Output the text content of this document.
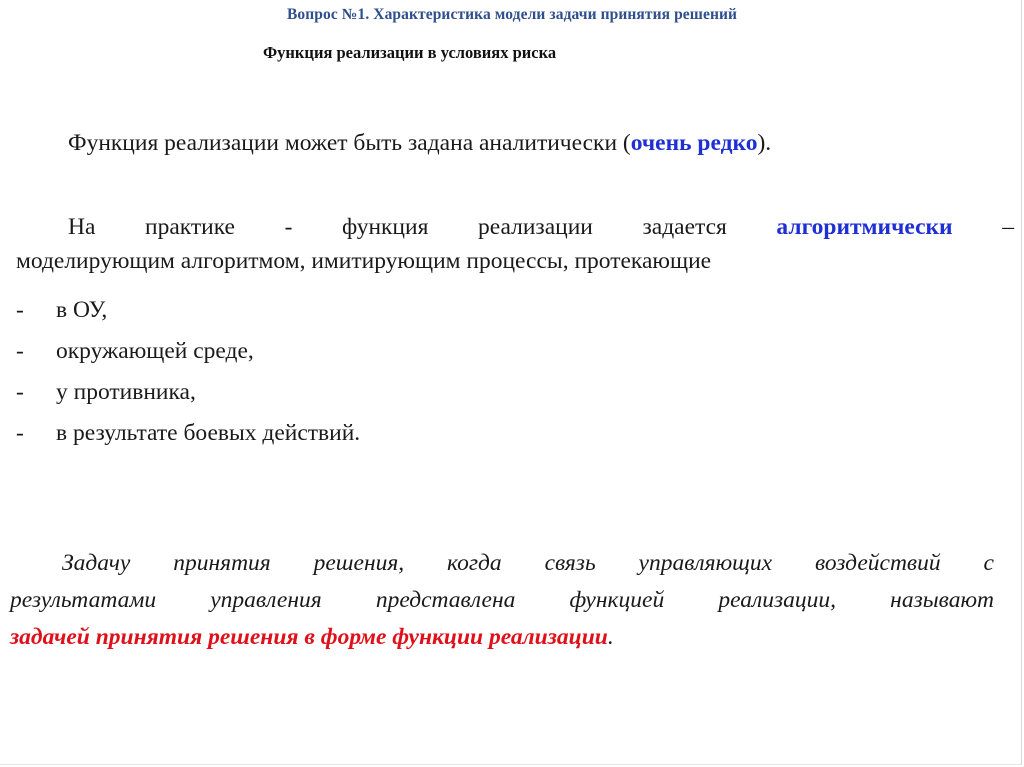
Вопрос №1. Характеристика модели задачи принятия решений
Функция реализации в условиях риска
Функция реализации может быть задана аналитически (очень редко).
На практике - функция реализации задается алгоритмически –
моделирующим алгоритмом, имитирующим процессы, протекающие
-	в ОУ,
-	окружающей среде,
-	у противника,
-	в результате боевых действий.
Задачу принятия решения, когда связь управляющих воздействий с
результатами управления представлена функцией реализации, называют
задачей принятия решения в форме функции реализации.
